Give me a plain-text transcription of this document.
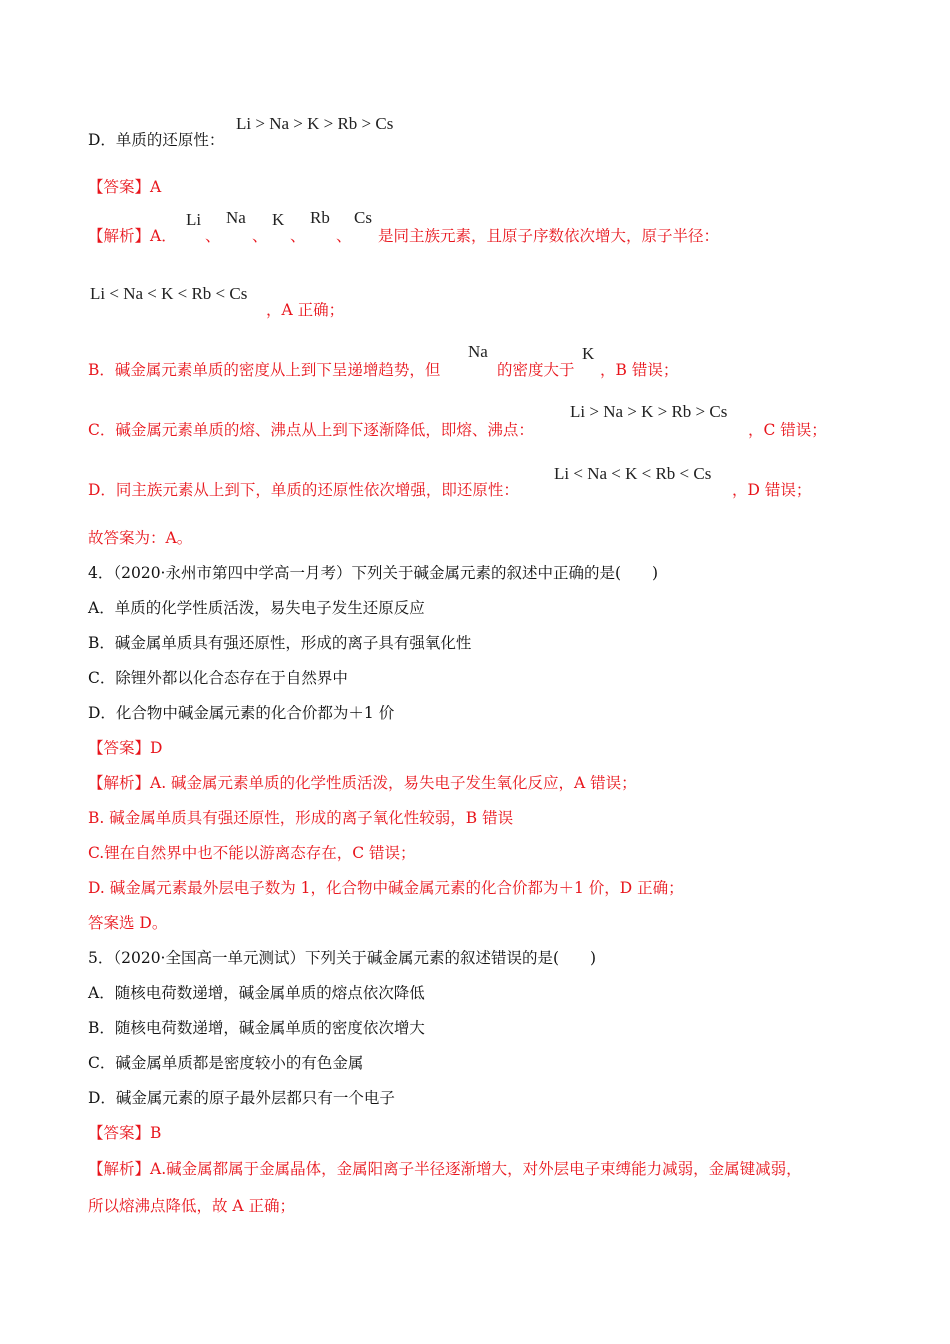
D．单质的还原性：
Li > Na > K > Rb > Cs
【答案】A
【解析】A．
Li
、
Na
、
K
、
Rb
、
Cs
是同主族元素，且原子序数依次增大，原子半径：
Li < Na < K < Rb < Cs
，A 正确；
B．碱金属元素单质的密度从上到下呈递增趋势，但
Na
的密度大于
K
，B 错误；
C．碱金属元素单质的熔、沸点从上到下逐渐降低，即熔、沸点：
Li > Na > K > Rb > Cs
，C 错误；
D．同主族元素从上到下，单质的还原性依次增强，即还原性：
Li < Na < K < Rb < Cs
，D 错误；
故答案为：A。
4．（2020·永州市第四中学高一月考）下列关于碱金属元素的叙述中正确的是(　　)
A．单质的化学性质活泼，易失电子发生还原反应
B．碱金属单质具有强还原性，形成的离子具有强氧化性
C．除锂外都以化合态存在于自然界中
D．化合物中碱金属元素的化合价都为＋1 价
【答案】D
【解析】A. 碱金属元素单质的化学性质活泼，易失电子发生氧化反应，A 错误；
B. 碱金属单质具有强还原性，形成的离子氧化性较弱，B 错误
C.锂在自然界中也不能以游离态存在，C 错误；
D. 碱金属元素最外层电子数为 1，化合物中碱金属元素的化合价都为＋1 价，D 正确；
答案选 D。
5．（2020·全国高一单元测试）下列关于碱金属元素的叙述错误的是(　　)
A．随核电荷数递增，碱金属单质的熔点依次降低
B．随核电荷数递增，碱金属单质的密度依次增大
C．碱金属单质都是密度较小的有色金属
D．碱金属元素的原子最外层都只有一个电子
【答案】B
【解析】A.碱金属都属于金属晶体，金属阳离子半径逐渐增大，对外层电子束缚能力减弱，金属键减弱，
所以熔沸点降低，故 A 正确；
